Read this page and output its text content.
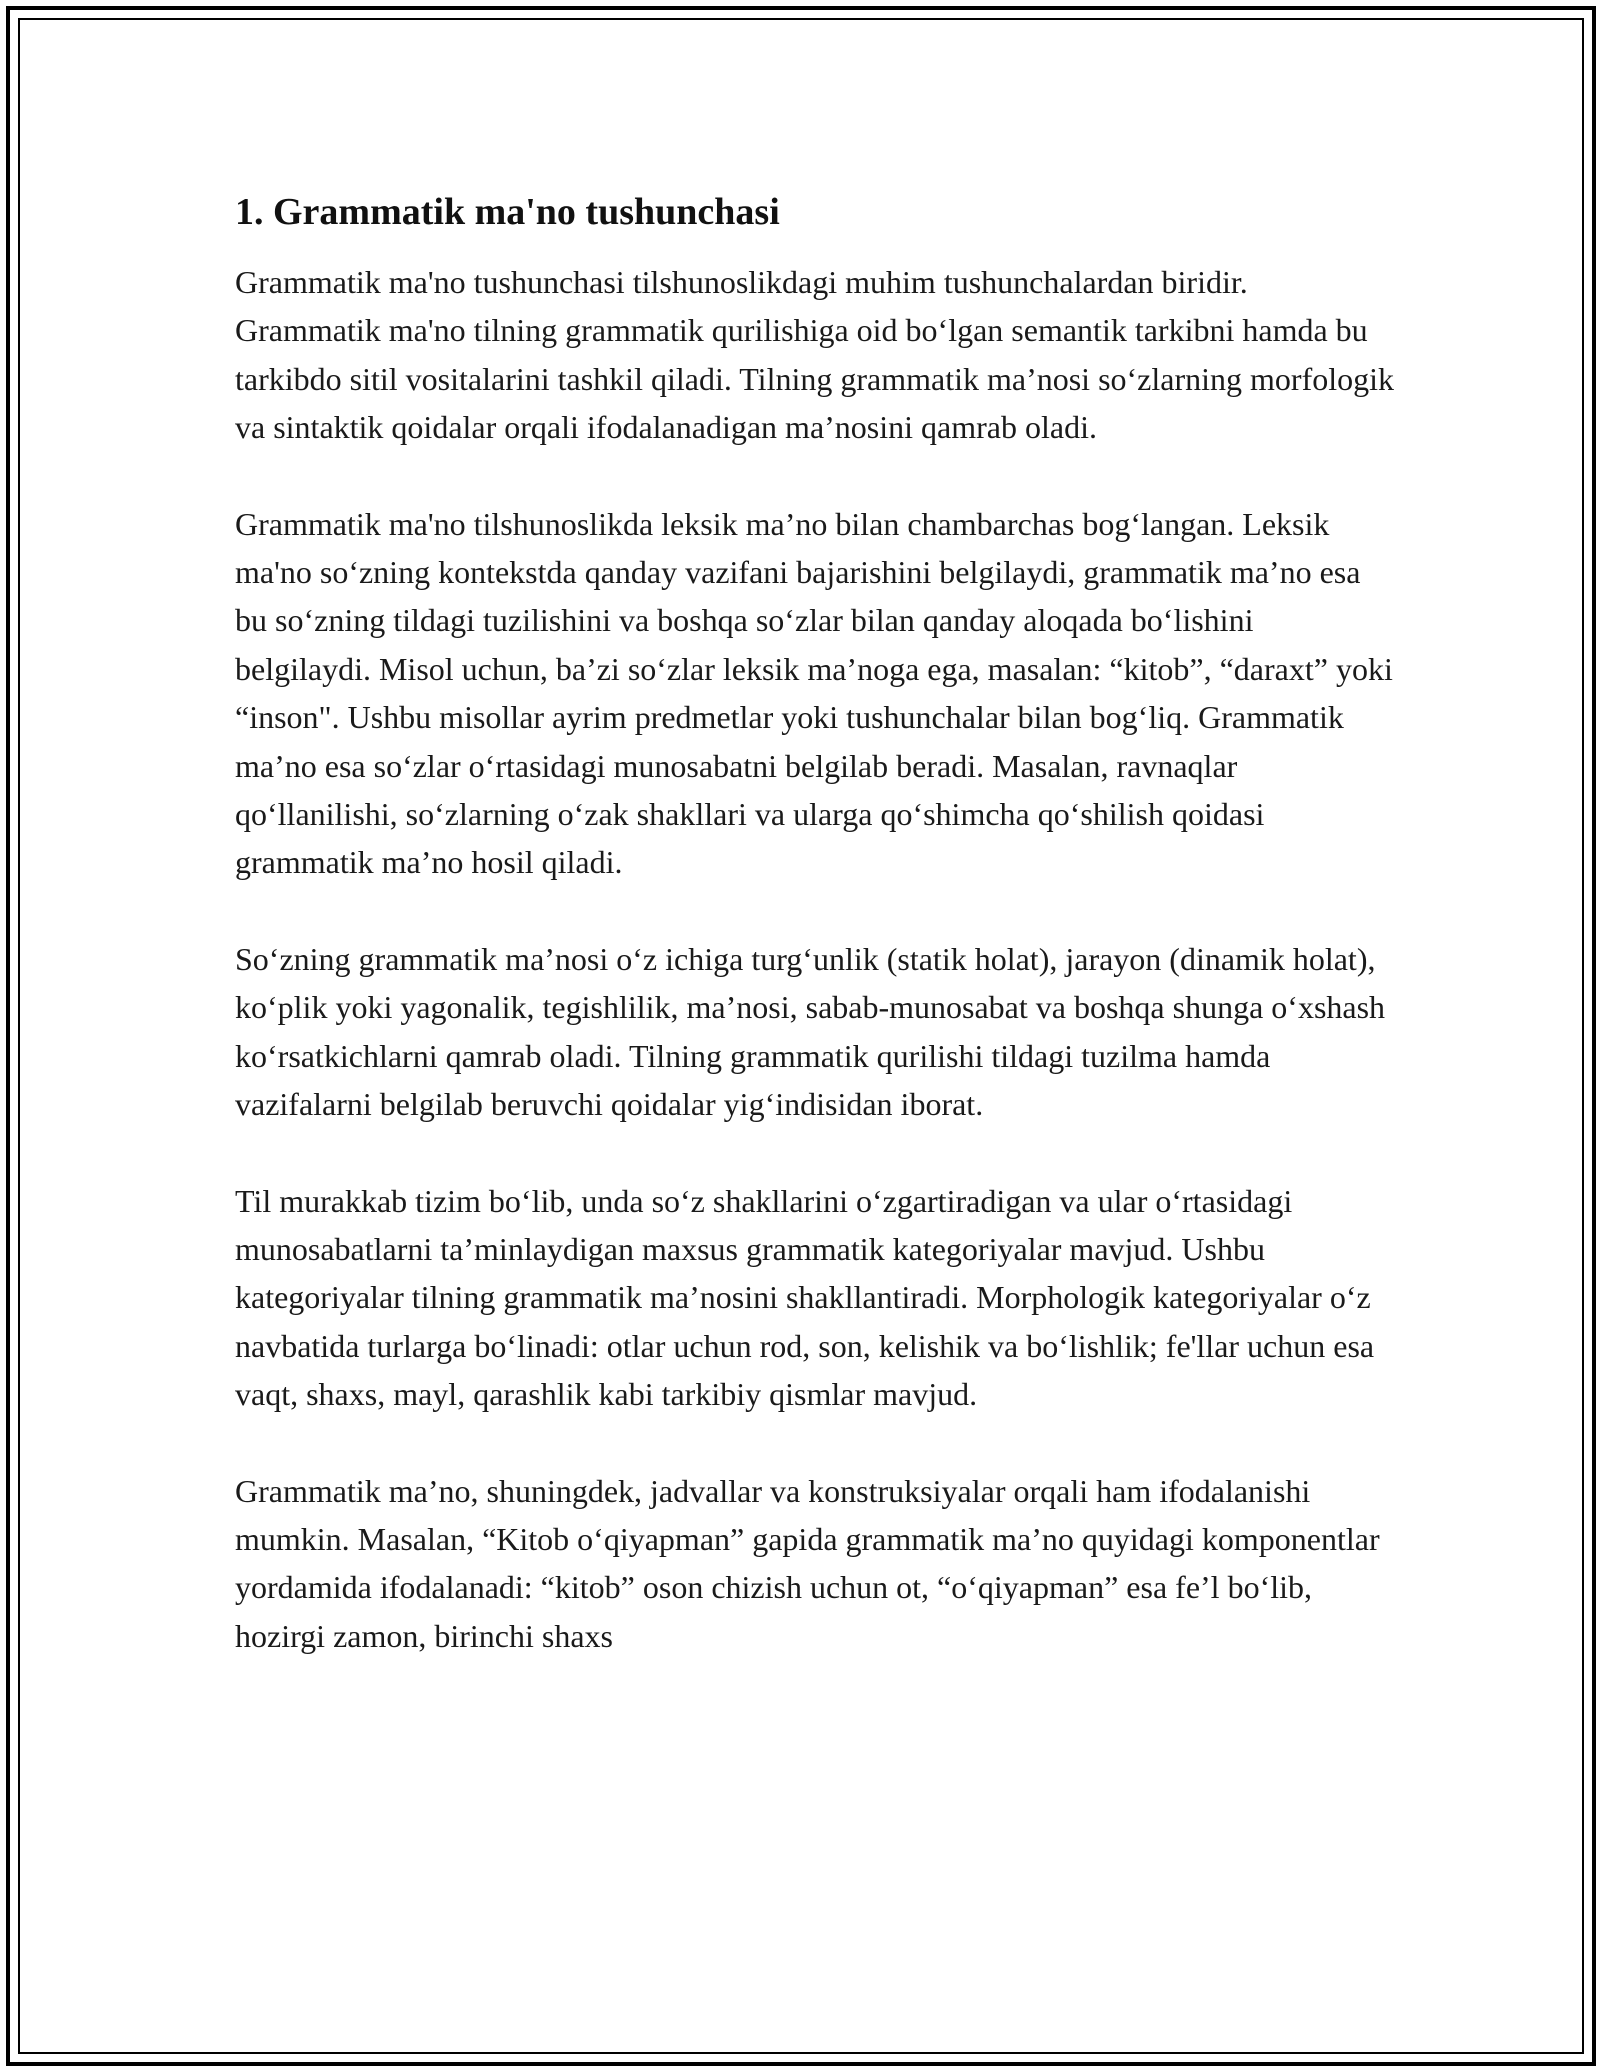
1. Grammatik ma'no tushunchasi

Grammatik ma'no tushunchasi tilshunoslikdagi muhim tushunchalardan biridir. Grammatik ma'no tilning grammatik qurilishiga oid bo‘lgan semantik tarkibni hamda bu tarkibdo sitil vositalarini tashkil qiladi. Tilning grammatik ma’nosi so‘zlarning morfologik va sintaktik qoidalar orqali ifodalanadigan ma’nosini qamrab oladi.

Grammatik ma'no tilshunoslikda leksik ma’no bilan chambarchas bog‘langan. Leksik ma'no so‘zning kontekstda qanday vazifani bajarishini belgilaydi, grammatik ma’no esa bu so‘zning tildagi tuzilishini va boshqa so‘zlar bilan qanday aloqada bo‘lishini belgilaydi. Misol uchun, ba’zi so‘zlar leksik ma’noga ega, masalan: “kitob”, “daraxt” yoki “inson". Ushbu misollar ayrim predmetlar yoki tushunchalar bilan bog‘liq. Grammatik ma’no esa so‘zlar o‘rtasidagi munosabatni belgilab beradi. Masalan, ravnaqlar qo‘llanilishi, so‘zlarning o‘zak shakllari va ularga qo‘shimcha qo‘shilish qoidasi grammatik ma’no hosil qiladi.

So‘zning grammatik ma’nosi o‘z ichiga turg‘unlik (statik holat), jarayon (dinamik holat), ko‘plik yoki yagonalik, tegishlilik, ma’nosi, sabab-munosabat va boshqa shunga o‘xshash ko‘rsatkichlarni qamrab oladi. Tilning grammatik qurilishi tildagi tuzilma hamda vazifalarni belgilab beruvchi qoidalar yig‘indisidan iborat.

Til murakkab tizim bo‘lib, unda so‘z shakllarini o‘zgartiradigan va ular o‘rtasidagi munosabatlarni ta’minlaydigan maxsus grammatik kategoriyalar mavjud. Ushbu kategoriyalar tilning grammatik ma’nosini shakllantiradi. Morphologik kategoriyalar o‘z navbatida turlarga bo‘linadi: otlar uchun rod, son, kelishik va bo‘lishlik; fe'llar uchun esa vaqt, shaxs, mayl, qarashlik kabi tarkibiy qismlar mavjud.

Grammatik ma’no, shuningdek, jadvallar va konstruksiyalar orqali ham ifodalanishi mumkin. Masalan, “Kitob o‘qiyapman” gapida grammatik ma’no quyidagi komponentlar yordamida ifodalanadi: “kitob” oson chizish uchun ot, “o‘qiyapman” esa fe’l bo‘lib, hozirgi zamon, birinchi shaxs
